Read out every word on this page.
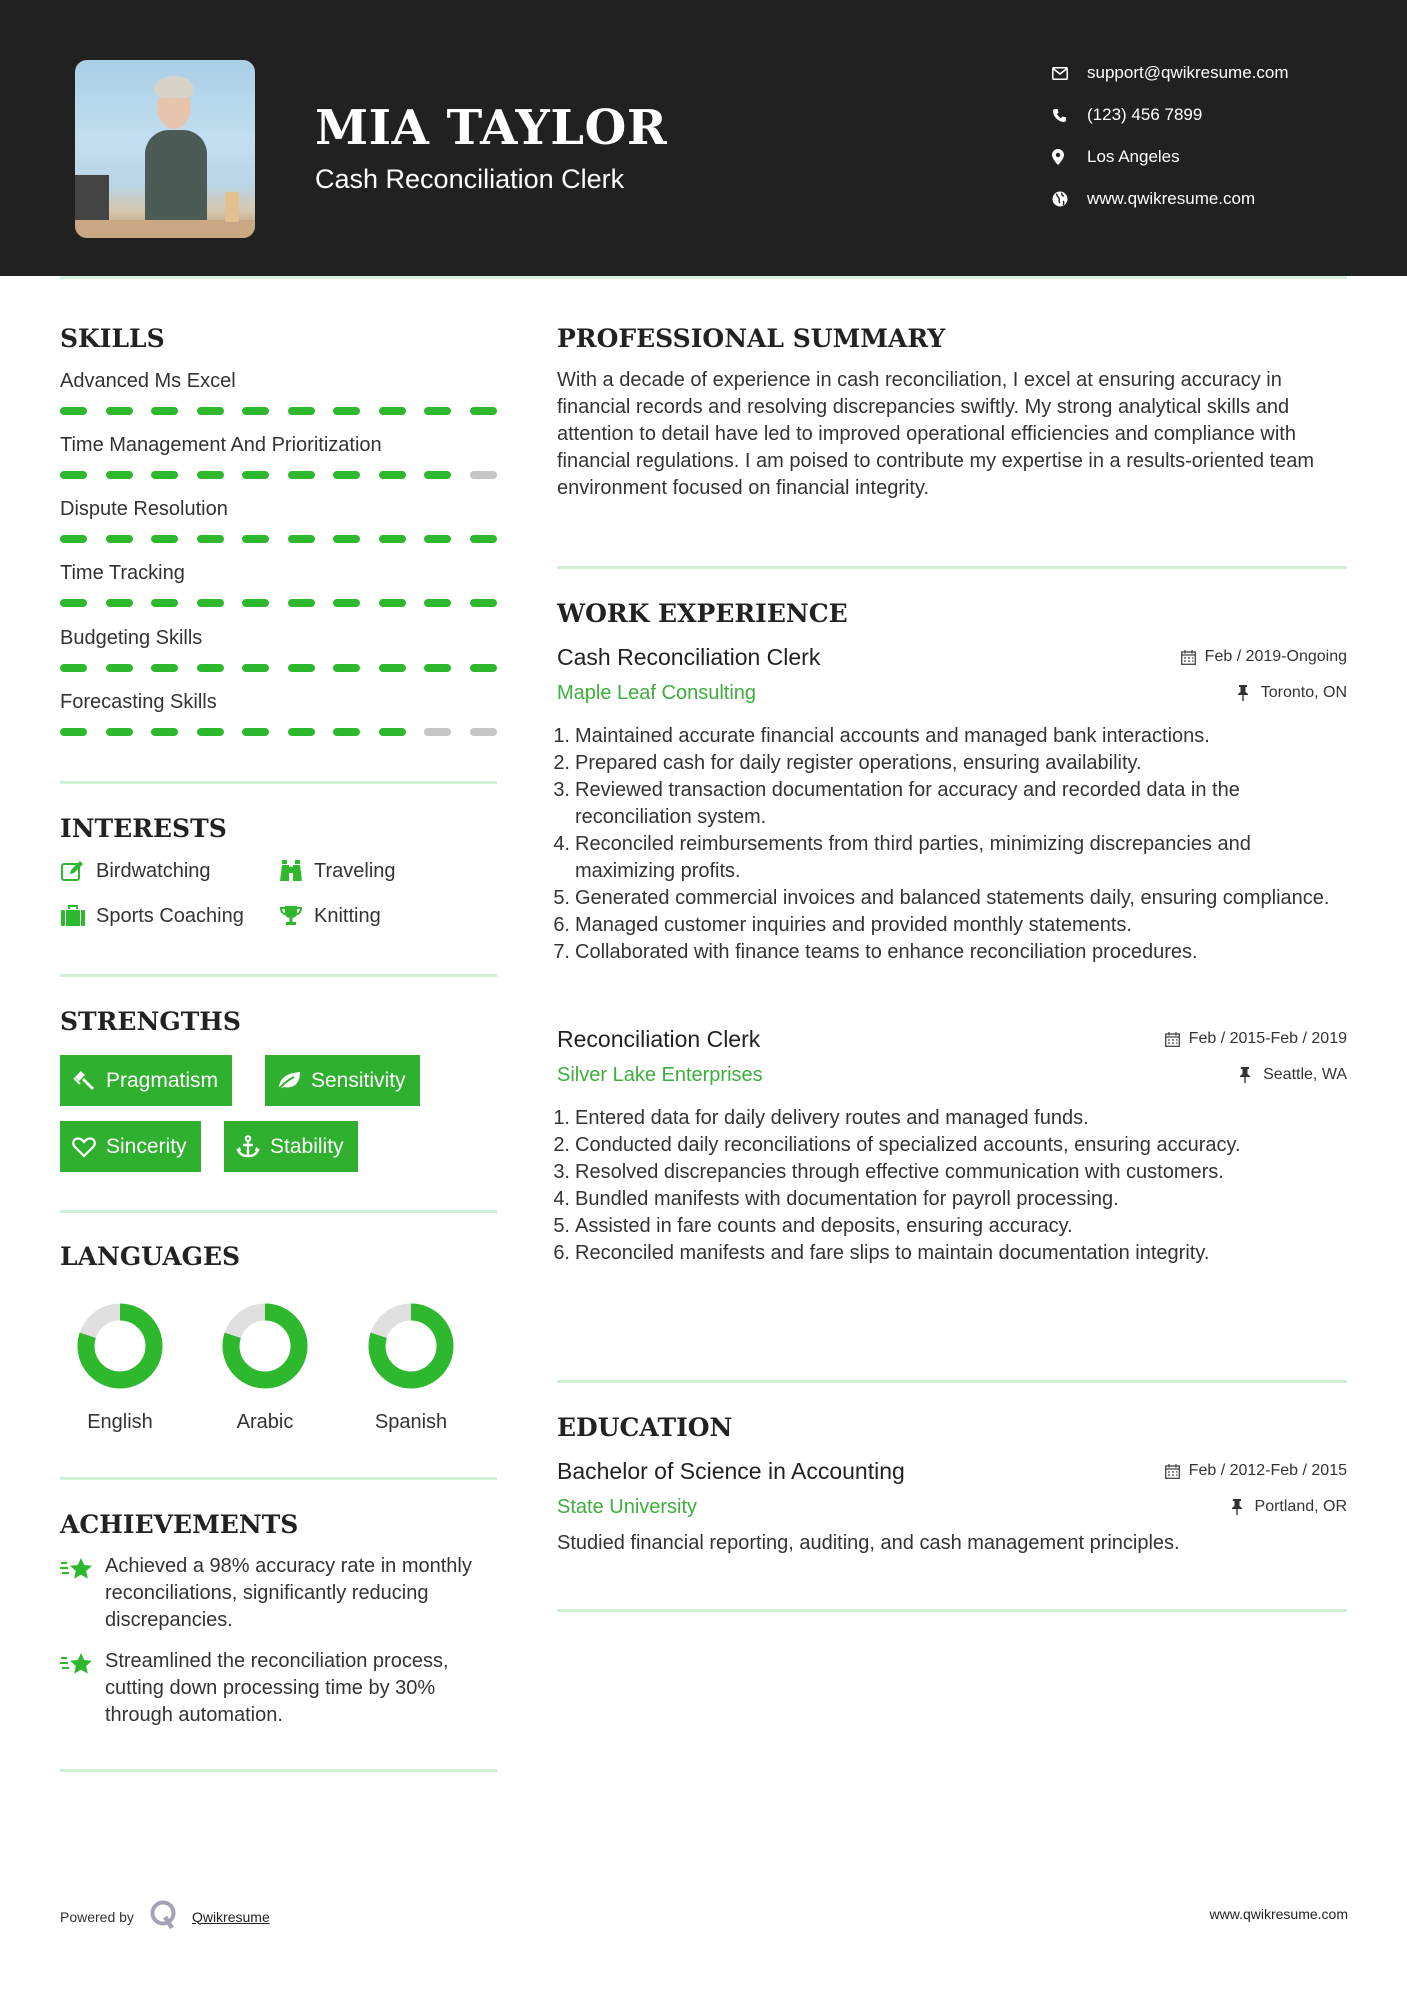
MIA TAYLOR
Cash Reconciliation Clerk
support@qwikresume.com
(123) 456 7899
Los Angeles
www.qwikresume.com
SKILLS
Advanced Ms Excel
Time Management And Prioritization
Dispute Resolution
Time Tracking
Budgeting Skills
Forecasting Skills
INTERESTS
Birdwatching	Traveling
Sports Coaching	Knitting
STRENGTHS
Pragmatism	Sensitivity
Sincerity	Stability
LANGUAGES
English	Arabic	Spanish
ACHIEVEMENTS
Achieved a 98% accuracy rate in monthly reconciliations, significantly reducing discrepancies.
Streamlined the reconciliation process, cutting down processing time by 30% through automation.
PROFESSIONAL SUMMARY
With a decade of experience in cash reconciliation, I excel at ensuring accuracy in financial records and resolving discrepancies swiftly. My strong analytical skills and attention to detail have led to improved operational efficiencies and compliance with financial regulations. I am poised to contribute my expertise in a results-oriented team environment focused on financial integrity.
WORK EXPERIENCE
Cash Reconciliation Clerk	Feb / 2019-Ongoing
Maple Leaf Consulting	Toronto, ON
1. Maintained accurate financial accounts and managed bank interactions.
2. Prepared cash for daily register operations, ensuring availability.
3. Reviewed transaction documentation for accuracy and recorded data in the reconciliation system.
4. Reconciled reimbursements from third parties, minimizing discrepancies and maximizing profits.
5. Generated commercial invoices and balanced statements daily, ensuring compliance.
6. Managed customer inquiries and provided monthly statements.
7. Collaborated with finance teams to enhance reconciliation procedures.
Reconciliation Clerk	Feb / 2015-Feb / 2019
Silver Lake Enterprises	Seattle, WA
1. Entered data for daily delivery routes and managed funds.
2. Conducted daily reconciliations of specialized accounts, ensuring accuracy.
3. Resolved discrepancies through effective communication with customers.
4. Bundled manifests with documentation for payroll processing.
5. Assisted in fare counts and deposits, ensuring accuracy.
6. Reconciled manifests and fare slips to maintain documentation integrity.
EDUCATION
Bachelor of Science in Accounting	Feb / 2012-Feb / 2015
State University	Portland, OR
Studied financial reporting, auditing, and cash management principles.
Powered by	Qwikresume	www.qwikresume.com
